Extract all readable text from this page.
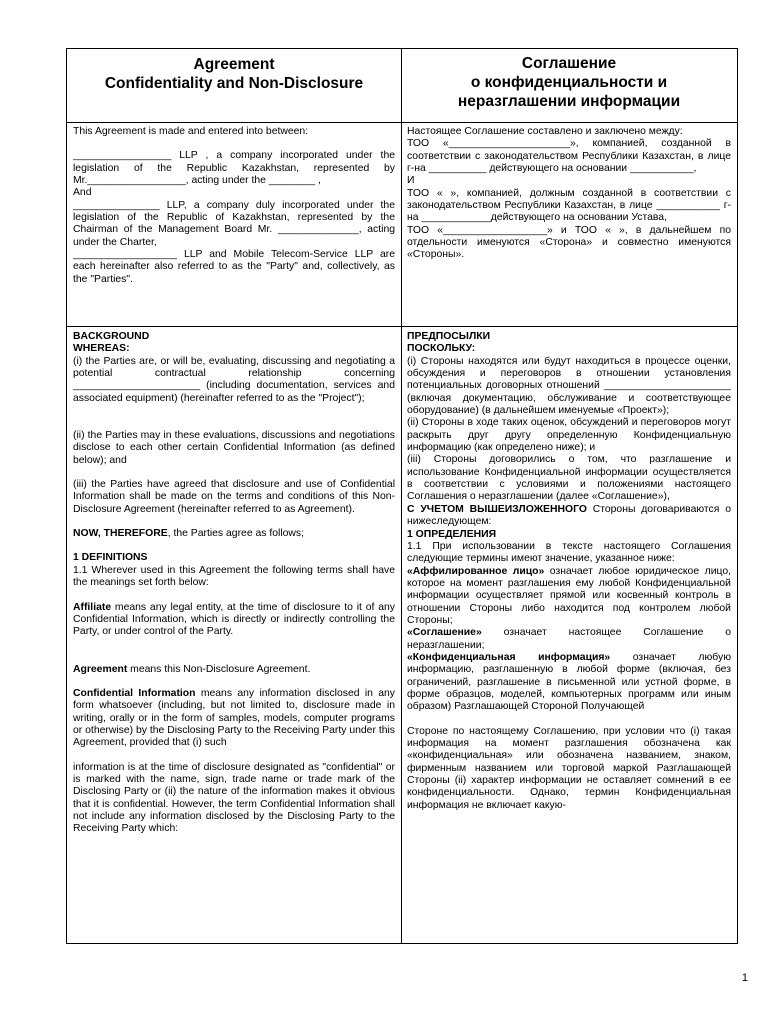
Agreement
Confidentiality and Non-Disclosure
Соглашение
о конфиденциальности и
неразглашении информации

This Agreement is made and entered into between:

_________________ LLP , a company incorporated under the legislation of the Republic Kazakhstan, represented by Mr._________________, acting under the ________ ,

And

_______________ LLP, a company duly incorporated under the legislation of the Republic of Kazakhstan, represented by the Chairman of the Management Board Mr. ______________, acting under the Charter,

__________________ LLP and Mobile Telecom-Service LLP are each hereinafter also referred to as the "Party" and, collectively, as the "Parties".

Настоящее Соглашение составлено и заключено между:

ТОО «_____________________», компанией, созданной в соответствии с законодательством Республики Казахстан, в лице г-на __________ действующего на основании ___________,

И

ТОО « », компанией, должным созданной в соответствии с законодательством Республики Казахстан, в лице ___________ г-на ____________действующего на основании Устава,

ТОО «__________________» и ТОО « », в дальнейшем по отдельности именуются «Сторона» и совместно именуются «Стороны».

BACKGROUND

WHEREAS:

(i) the Parties are, or will be, evaluating, discussing and negotiating a potential contractual relationship concerning ______________________ (including documentation, services and associated equipment) (hereinafter referred to as the "Project");

(ii) the Parties may in these evaluations, discussions and negotiations disclose to each other certain Confidential Information (as defined below); and

(iii) the Parties have agreed that disclosure and use of Confidential Information shall be made on the terms and conditions of this Non-Disclosure Agreement (hereinafter referred to as Agreement).

NOW, THEREFORE, the Parties agree as follows;

1 DEFINITIONS

1.1 Wherever used in this Agreement the following terms shall have the meanings set forth below:

Affiliate means any legal entity, at the time of disclosure to it of any Confidential Information, which is directly or indirectly controlling the Party, or under control of the Party.

Agreement means this Non-Disclosure Agreement.

Confidential Information means any information disclosed in any form whatsoever (including, but not limited to, disclosure made in writing, orally or in the form of samples, models, computer programs or otherwise) by the Disclosing Party to the Receiving Party under this Agreement, provided that (i) such

information is at the time of disclosure designated as "confidential" or is marked with the name, sign, trade name or trade mark of the Disclosing Party or (ii) the nature of the information makes it obvious that it is confidential. However, the term Confidential Information shall not include any information disclosed by the Disclosing Party to the Receiving Party which:

ПРЕДПОСЫЛКИ

ПОСКОЛЬКУ:

(i) Стороны находятся или будут находиться в процессе оценки, обсуждения и переговоров в отношении установления потенциальных договорных отношений ______________________ (включая документацию, обслуживание и соответствующее оборудование) (в дальнейшем именуемые «Проект»);

(ii) Стороны в ходе таких оценок, обсуждений и переговоров могут раскрыть друг другу определенную Конфиденциальную информацию (как определено ниже); и

(iii) Стороны договорились о том, что разглашение и использование Конфиденциальной информации осуществляется в соответствии с условиями и положениями настоящего Соглашения о неразглашении (далее «Соглашение»),

С УЧЕТОМ ВЫШЕИЗЛОЖЕННОГО Стороны договариваются о нижеследующем:

1 ОПРЕДЕЛЕНИЯ

1.1 При использовании в тексте настоящего Соглашения следующие термины имеют значение, указанное ниже:

«Аффилированное лицо» означает любое юридическое лицо, которое на момент разглашения ему любой Конфиденциальной информации осуществляет прямой или косвенный контроль в отношении Стороны либо находится под контролем любой Стороны;

«Соглашение» означает настоящее Соглашение о неразглашении;

«Конфиденциальная информация» означает любую информацию, разглашенную в любой форме (включая, без ограничений, разглашение в письменной или устной форме, в форме образцов, моделей, компьютерных программ или иным образом) Разглашающей Стороной Получающей

Стороне по настоящему Соглашению, при условии что (i) такая информация на момент разглашения обозначена как «конфиденциальная» или обозначена названием, знаком, фирменным названием или торговой маркой Разглашающей Стороны (ii) характер информации не оставляет сомнений в ее конфиденциальности. Однако, термин Конфиденциальная информация не включает какую-

1
